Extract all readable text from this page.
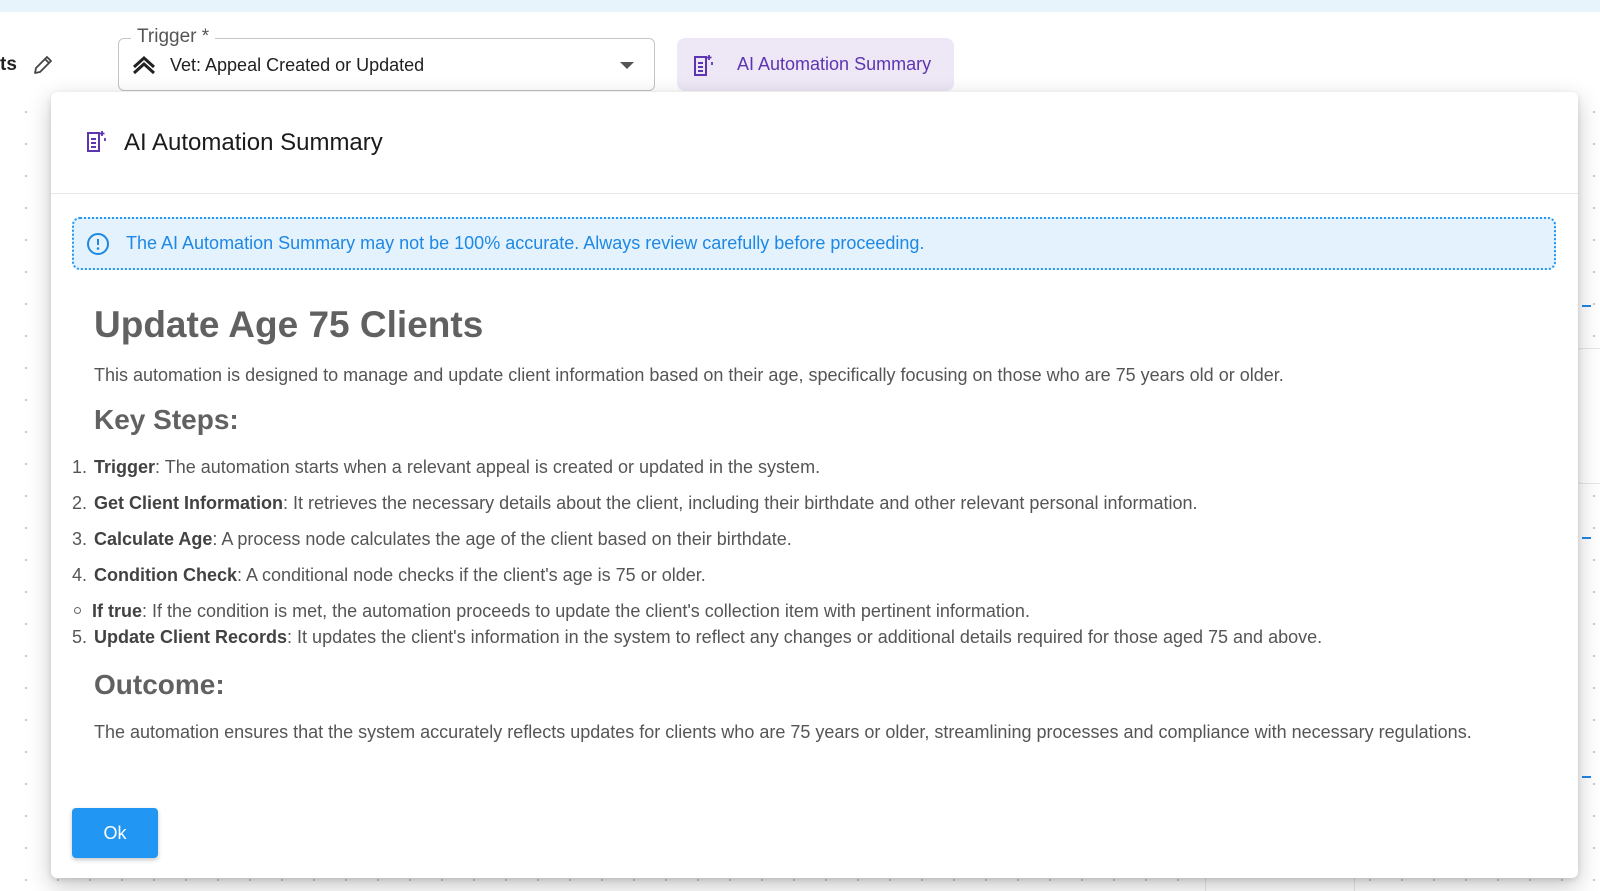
ts
Trigger *
Vet: Appeal Created or Updated	AI Automation Summary
AI Automation Summary
The AI Automation Summary may not be 100% accurate. Always review carefully before proceeding.
Update Age 75 Clients
This automation is designed to manage and update client information based on their age, specifically focusing on those who are 75 years old or older.
Key Steps:
1. Trigger: The automation starts when a relevant appeal is created or updated in the system.
2. Get Client Information: It retrieves the necessary details about the client, including their birthdate and other relevant personal information.
3. Calculate Age: A process node calculates the age of the client based on their birthdate.
4. Condition Check: A conditional node checks if the client's age is 75 or older.
If true: If the condition is met, the automation proceeds to update the client's collection item with pertinent information.
5. Update Client Records: It updates the client's information in the system to reflect any changes or additional details required for those aged 75 and above.
Outcome:
The automation ensures that the system accurately reflects updates for clients who are 75 years or older, streamlining processes and compliance with necessary regulations.
Ok
